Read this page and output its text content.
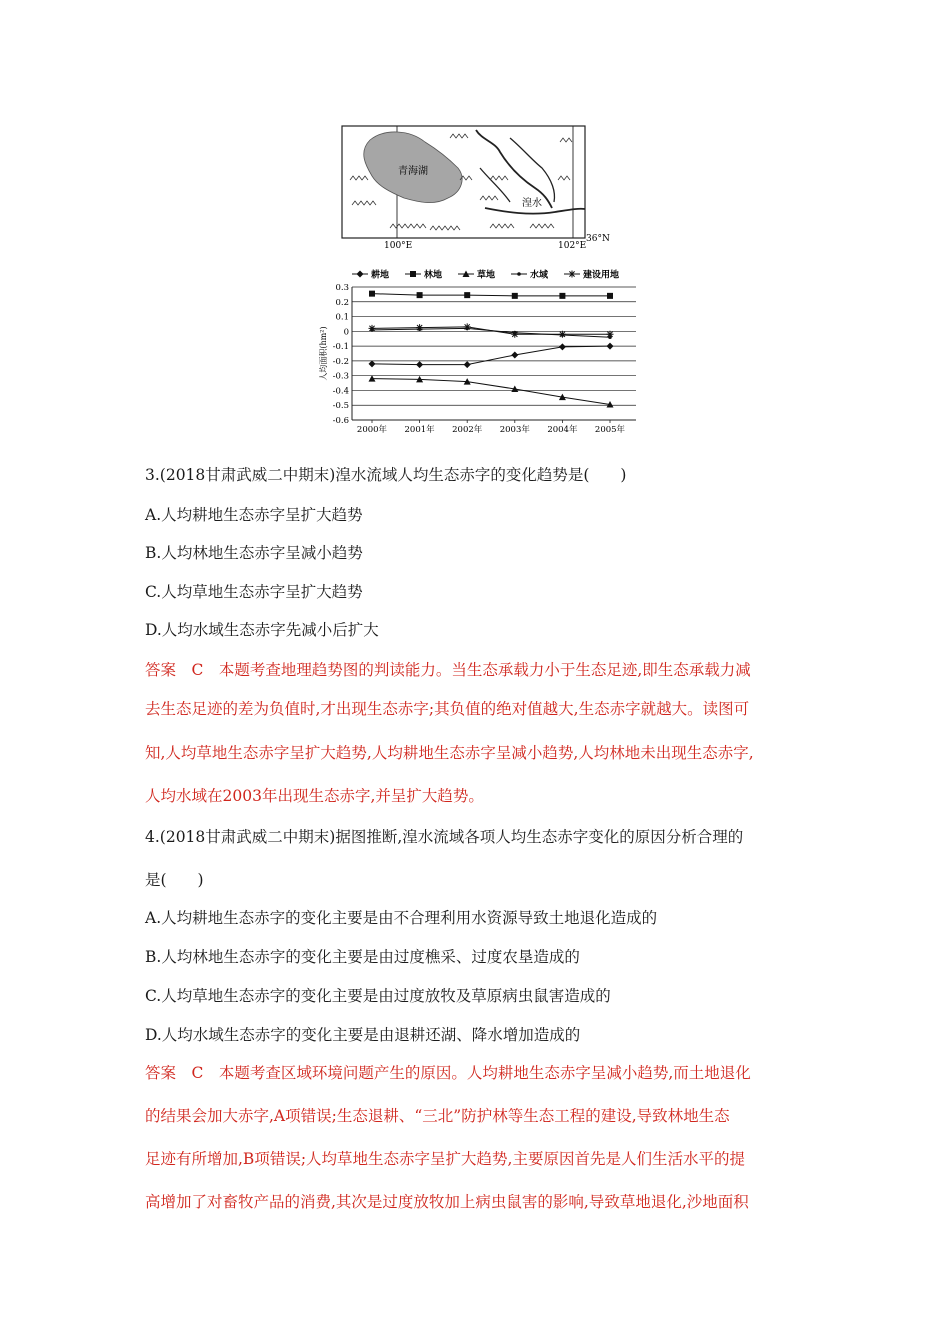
青海湖
湟水
100°E	102°E
36°N
0.3
0.2
0.1
0
-0.1
-0.2
-0.3
-0.4
-0.5
-0.6
人均面积(hm²)
2000年 2001年 2002年 2003年 2004年 2005年
耕地	林地	草地	水域	建设用地
3.(2018甘肃武威二中期末)湟水流域人均生态赤字的变化趋势是(　　)
A.人均耕地生态赤字呈扩大趋势
B.人均林地生态赤字呈减小趋势
C.人均草地生态赤字呈扩大趋势
D.人均水域生态赤字先减小后扩大
答案　C　本题考查地理趋势图的判读能力。当生态承载力小于生态足迹,即生态承载力减
去生态足迹的差为负值时,才出现生态赤字;其负值的绝对值越大,生态赤字就越大。读图可
知,人均草地生态赤字呈扩大趋势,人均耕地生态赤字呈减小趋势,人均林地未出现生态赤字,
人均水域在2003年出现生态赤字,并呈扩大趋势。
4.(2018甘肃武威二中期末)据图推断,湟水流域各项人均生态赤字变化的原因分析合理的
是(　　)
A.人均耕地生态赤字的变化主要是由不合理利用水资源导致土地退化造成的
B.人均林地生态赤字的变化主要是由过度樵采、过度农垦造成的
C.人均草地生态赤字的变化主要是由过度放牧及草原病虫鼠害造成的
D.人均水域生态赤字的变化主要是由退耕还湖、降水增加造成的
答案　C　本题考查区域环境问题产生的原因。人均耕地生态赤字呈减小趋势,而土地退化
的结果会加大赤字,A项错误;生态退耕、“三北”防护林等生态工程的建设,导致林地生态
足迹有所增加,B项错误;人均草地生态赤字呈扩大趋势,主要原因首先是人们生活水平的提
高增加了对畜牧产品的消费,其次是过度放牧加上病虫鼠害的影响,导致草地退化,沙地面积
